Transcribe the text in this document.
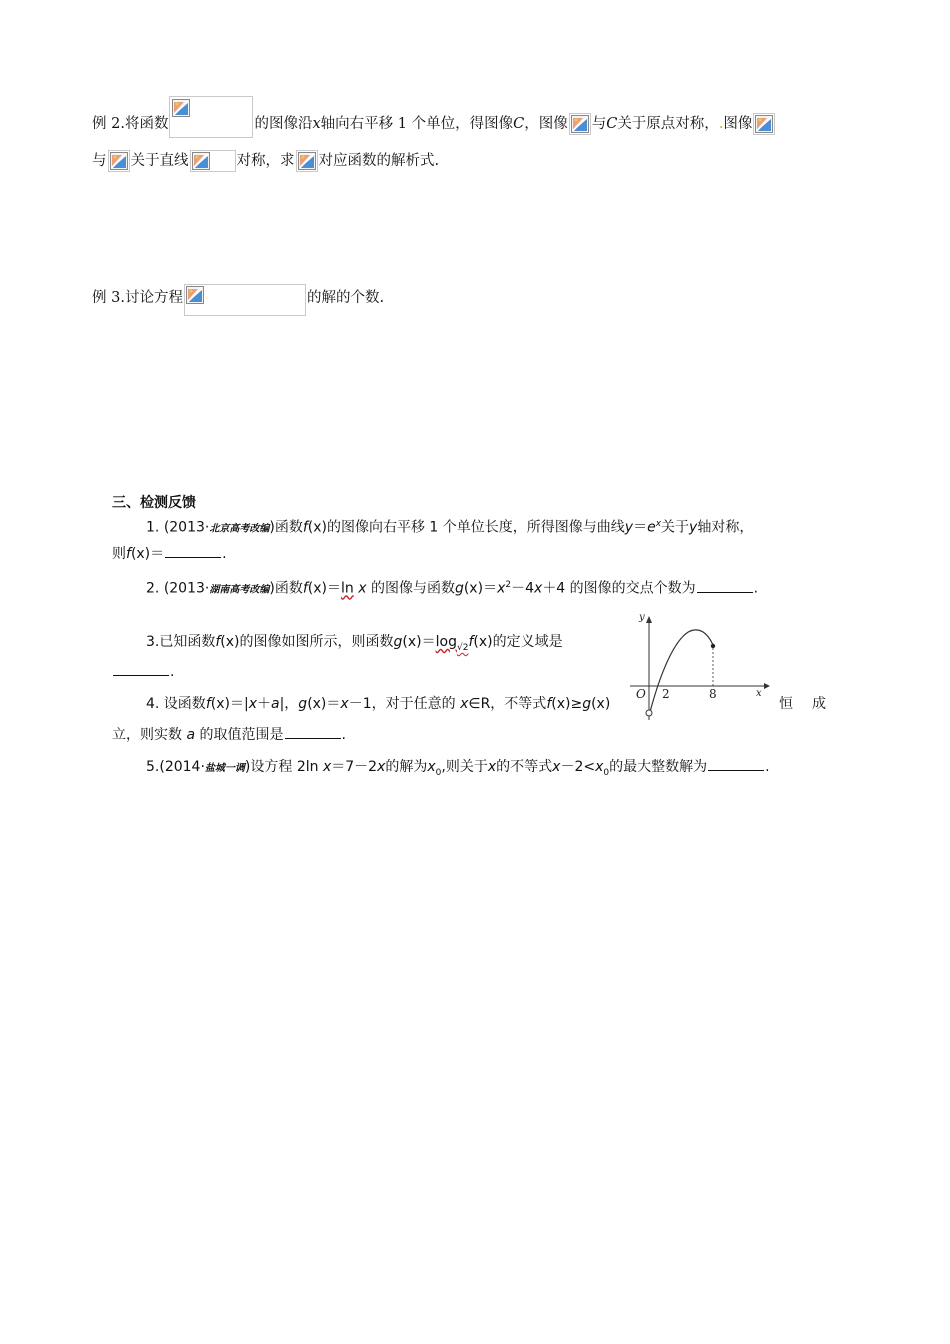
例 2.将函数	的图像沿x轴向右平移 1 个单位，得图像C，图像 与C关于原点对称，.图像
与 关于直线	对称，求 对应函数的解析式.
例 3.讨论方程	的解的个数.
三、检测反馈
1. (2013·北京高考改编)函数f(x)的图像向右平移 1 个单位长度，所得图像与曲线$y=e^x$关于y轴对称，
则f(x)＝	.
2. (2013·湖南高考改编)函数f(x)＝ln x 的图像与函数$g(x)=x^2-4x+4$ 的图像的交点个数为	.
3.已知函数f(x)的图像如图所示，则函数$g(x)=\log_{√2}f(x)$的定义域是
.
y
x
O 2	8
4. 设函数f(x)＝|x＋a|，g(x)＝x－1，对于任意的 x∈R，不等式f(x)≥g(x)	恒 成
立，则实数 a 的取值范围是	.
5.(2014·盐城一调)设方程 2ln x＝7－2x的解为$x_0$,则关于x的不等式$x-2<x_0$的最大整数解为	.
